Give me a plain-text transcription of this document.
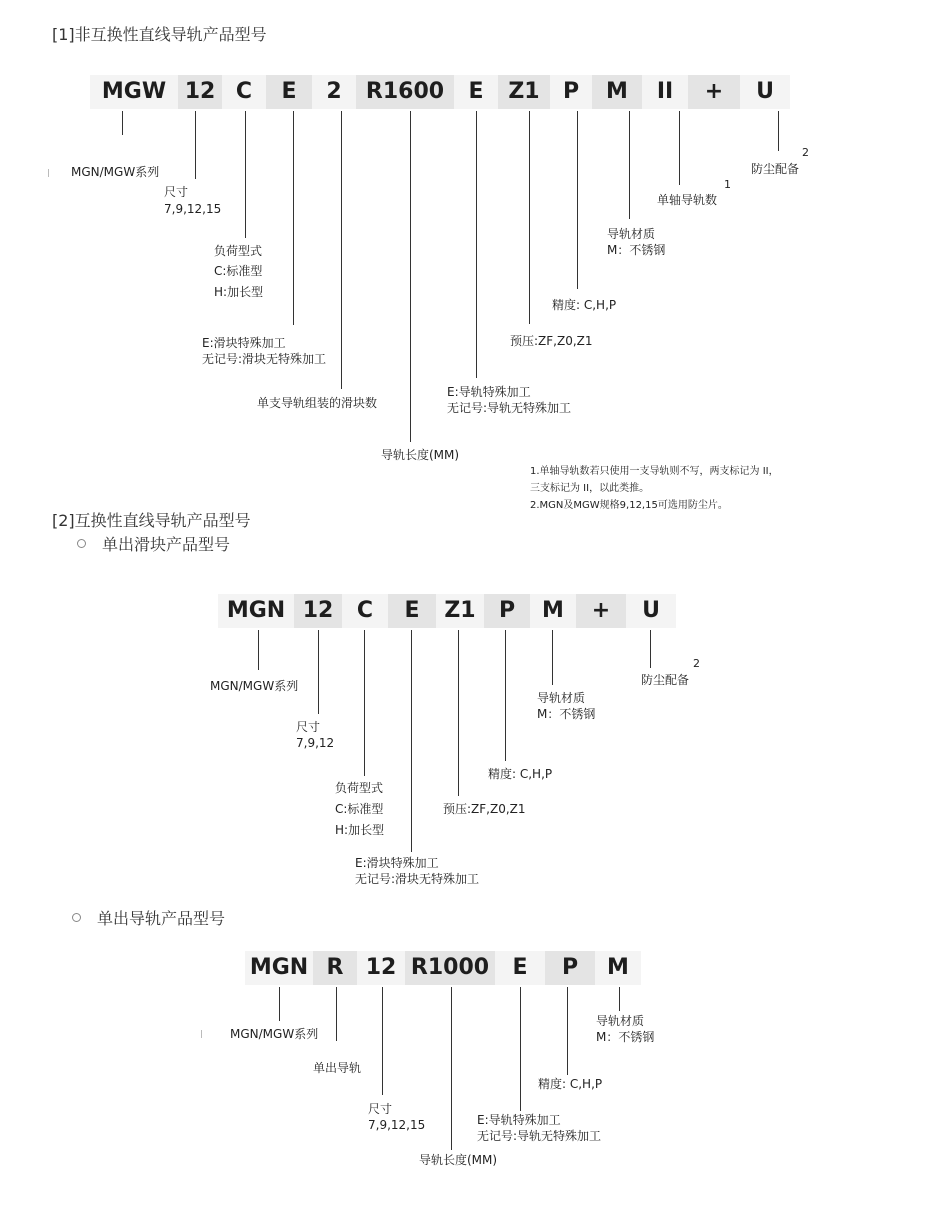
[1]非互换性直线导轨产品型号
MGW 12 C	E	2	R1600	E	Z1	P	M	II	+	U
MGN/MGW系列
尺寸
7,9,12,15
负荷型式
C:标准型
H:加长型
E:滑块特殊加工
无记号:滑块无特殊加工
单支导轨组装的滑块数
导轨长度(MM)
E:导轨特殊加工
无记号:导轨无特殊加工
预压:ZF,Z0,Z1
精度: C,H,P
导轨材质
M：不锈钢
单轴导轨数
1
防尘配备
2
1.单轴导轨数若只使用一支导轨则不写，两支标记为 II，
三支标记为 II，以此类推。
2.MGN及MGW规格9,12,15可选用防尘片。
[2]互换性直线导轨产品型号
单出滑块产品型号
MGN 12	C	E	Z1	P	M	+	U
MGN/MGW系列
尺寸
7,9,12
负荷型式
C:标准型
H:加长型
E:滑块特殊加工
无记号:滑块无特殊加工
预压:ZF,Z0,Z1
精度: C,H,P
导轨材质
M：不锈钢
防尘配备
2
单出导轨产品型号
MGN R	12 R1000	E	P	M
MGN/MGW系列
单出导轨
尺寸
7,9,12,15
导轨长度(MM)
E:导轨特殊加工
无记号:导轨无特殊加工
精度: C,H,P
导轨材质
M：不锈钢
